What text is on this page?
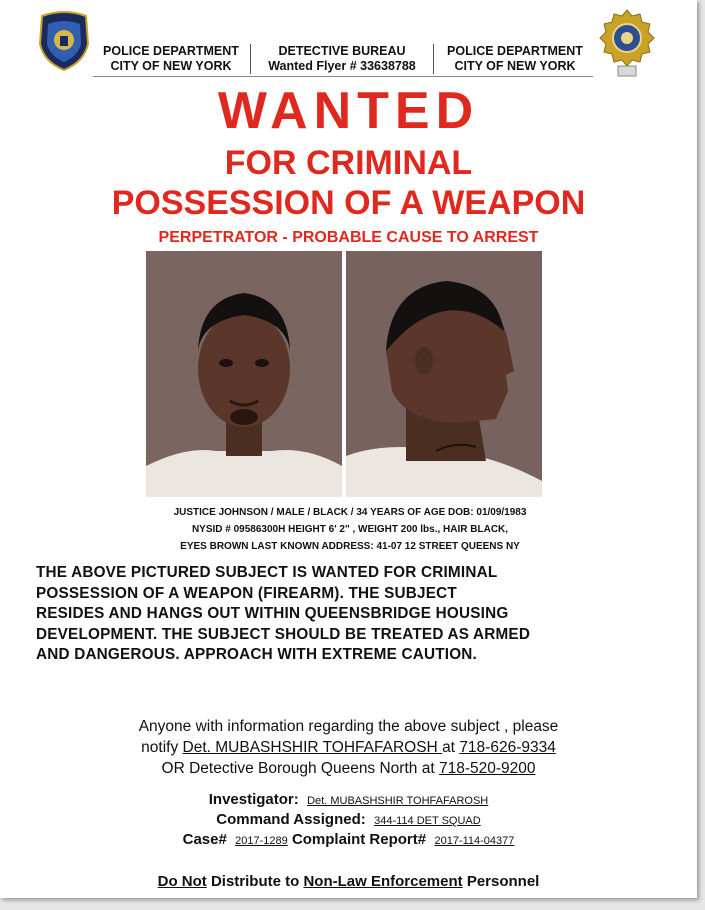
POLICE DEPARTMENT
CITY OF NEW YORK
DETECTIVE BUREAU
Wanted Flyer # 33638788
POLICE DEPARTMENT
CITY OF NEW YORK
WANTED
FOR CRIMINAL
POSSESSION OF A WEAPON
PERPETRATOR - PROBABLE CAUSE TO ARREST
JUSTICE JOHNSON / MALE / BLACK / 34 YEARS OF AGE DOB: 01/09/1983
NYSID # 09586300H HEIGHT 6' 2" , WEIGHT 200 lbs., HAIR BLACK,
EYES BROWN LAST KNOWN ADDRESS: 41-07 12 STREET QUEENS NY
THE ABOVE PICTURED SUBJECT IS WANTED FOR CRIMINAL
POSSESSION OF A WEAPON (FIREARM). THE SUBJECT
RESIDES AND HANGS OUT WITHIN QUEENSBRIDGE HOUSING
DEVELOPMENT. THE SUBJECT SHOULD BE TREATED AS ARMED
AND DANGEROUS. APPROACH WITH EXTREME CAUTION.
Anyone with information regarding the above subject , please
notify Det. MUBASHSHIR TOHFAFAROSH at 718-626-9334
OR Detective Borough Queens North at 718-520-9200
Investigator: Det. MUBASHSHIR TOHFAFAROSH
Command Assigned: 344-114 DET SQUAD
Case# 2017-1289 Complaint Report# 2017-114-04377
Do Not Distribute to Non-Law Enforcement Personnel
